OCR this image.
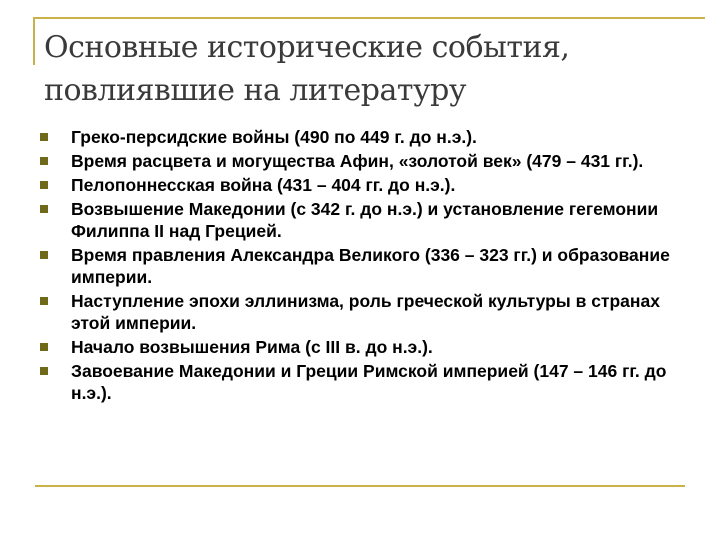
Основные исторические события, повлиявшие на литературу
Греко-персидские войны (490 по 449 г. до н.э.).
Время расцвета и могущества Афин, «золотой век» (479 – 431 гг.).
Пелопоннесская война (431 – 404 гг. до н.э.).
Возвышение Македонии (с 342 г. до н.э.) и установление гегемонии Филиппа II над Грецией.
Время правления Александра Великого (336 – 323 гг.) и образование империи.
Наступление эпохи эллинизма, роль греческой культуры в странах этой империи.
Начало возвышения Рима (с III в. до н.э.).
Завоевание Македонии и Греции Римской империей (147 – 146 гг. до н.э.).
